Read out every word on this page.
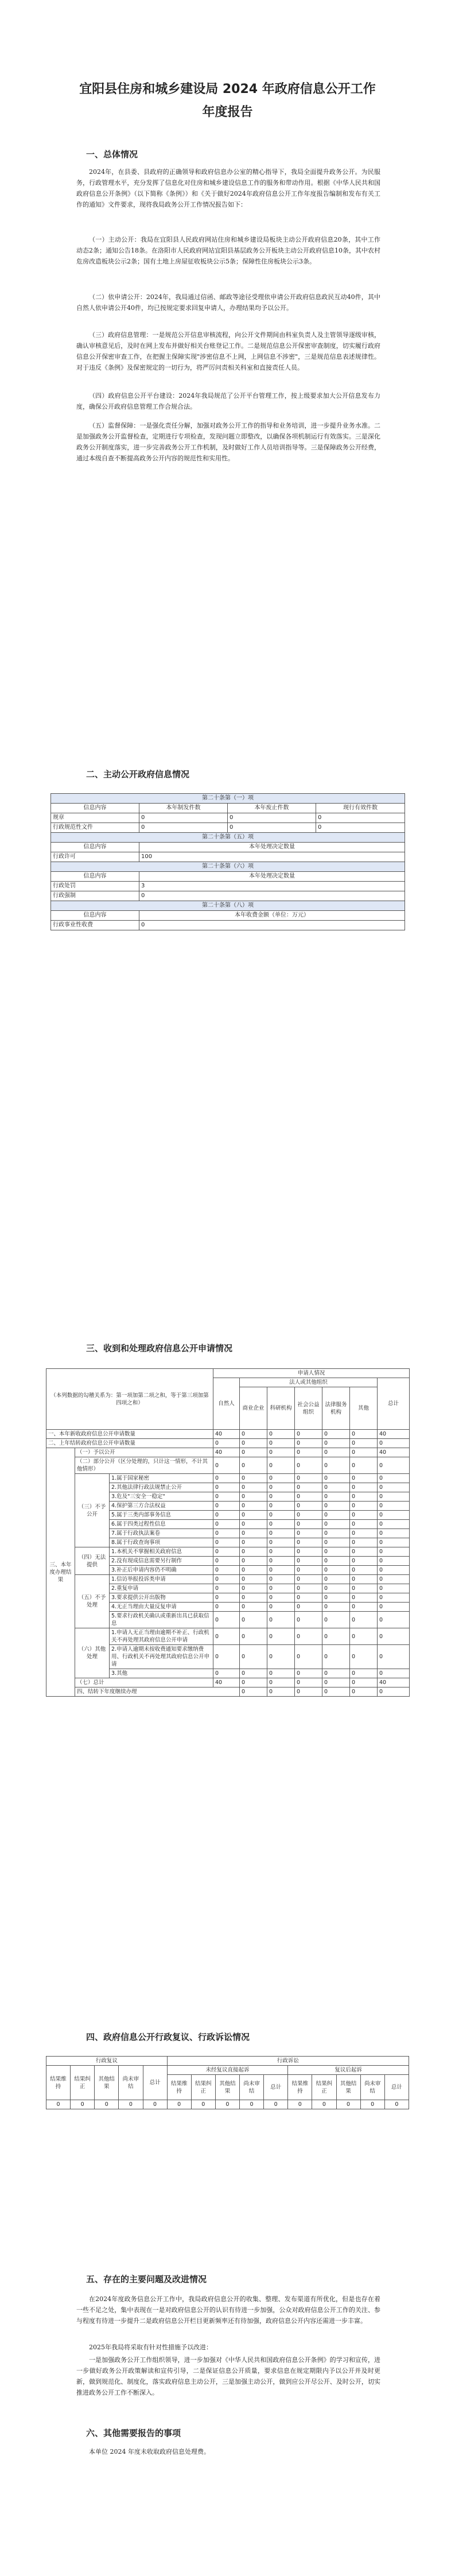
宜阳县住房和城乡建设局 2024 年政府信息公开工作
年度报告
一、总体情况

2024年，在县委、县政府的正确领导和政府信息办公室的精心指导下，我局全面提升政务公开。为民服务，行政管理水平，充分发挥了信息化对住房和城乡建设信息工作的服务和带动作用。根据《中华人民共和国政府信息公开条例》（以下简称《条例》）和《关于做好2024年政府信息公开工作年度报告编制和发布有关工作的通知》文件要求，现将我局政务公开工作情况报告如下：

（一）主动公开：我局在宜阳县人民政府网站住房和城乡建设局板块主动公开政府信息20条，其中工作动态2条；通知公告18条。在洛阳市人民政府网站宜阳县基层政务公开板块主动公开政府信息10条，其中农村危房改造板块公示2条；国有土地上房屋征收板块公示5条；保障性住房板块公示3条。

（二）依申请公开：2024年，我局通过信函、邮政等途径受理依申请公开政府信息政民互动40件，其中自然人依申请公开40件，均已按规定要求回复申请人，办理结果均予以公开。

（三）政府信息管理：一是规范公开信息审核流程，向公开文件期间由科室负责人及主管领导逐级审核，确认审核意见后，及时在网上发布并做好相关台账登记工作。二是规范信息公开保密审查制度，切实履行政府信息公开保密审查工作，在把握主保障实现"涉密信息不上网，上网信息不涉密"，三是规范信息表述规律性。对于违反《条例》及保密规定的一切行为，将严厉问责相关科室和直接责任人员。

（四）政府信息公开平台建设：2024年我局规范了公开平台管理工作，按上级要求加大公开信息发布力度，确保公开政府信息管理工作合规合法。

（五）监督保障：一是强化责任分解，加强对政务公开工作的指导和业务培训，进一步提升业务水准。二是加强政务公开监督检查，定期进行专项检查，发现问题立即整改，以确保各项机制运行有效落实。三是深化政务公开制度落实，进一步完善政务公开工作机制，及时做好工作人员培训指导等。三是保障政务公开经费，通过本级自查不断提高政务公开内容的规范性和实用性。

二、主动公开政府信息情况
第二十条第（一）项			
信息内容	本年制发件数	本年废止件数	现行有效件数
规章	0	0	0
行政规范性文件	0	0	0
第二十条第（五）项			
信息内容	本年处理决定数量		
行政许可	100		
第二十条第（六）项			
信息内容	本年处理决定数量		
行政处罚	3		
行政强制	0		
第二十条第（八）项			
信息内容	本年收费金额（单位：万元）		
行政事业性收费	0		
三、收到和处理政府信息公开申请情况
（本列数据的勾稽关系为：第一项加第二项之和，等于第三项加第四项之和）			申请人情况							
			自然人	法人或其他组织					总计	
				商业企业	科研机构	社会公益组织	法律服务机构	其他		
一、本年新收政府信息公开申请数量			40	0	0	0	0	0	40	
二、上年结转政府信息公开申请数量			0	0	0	0	0	0	0	
三、本年度办理结果	（一）予以公开		40	0	0	0	0	0	40	
	（二）部分公开（区分处理的，只计这一情形，不计其他情形）		0	0	0	0	0	0	0	
	（三）不予公开	1.属于国家秘密	0	0	0	0	0	0	0	
		2.其他法律行政法规禁止公开	0	0	0	0	0	0	0	
		3.危及"三安全一稳定"	0	0	0	0	0	0	0	
		4.保护第三方合法权益	0	0	0	0	0	0	0	
		5.属于三类内部事务信息	0	0	0	0	0	0	0	
		6.属于四类过程性信息	0	0	0	0	0	0	0	
		7.属于行政执法案卷	0	0	0	0	0	0	0	
		8.属于行政查询事项	0	0	0	0	0	0	0	
	（四）无法提供	1.本机关不掌握相关政府信息	0	0	0	0	0	0	0	
		2.没有现成信息需要另行制作	0	0	0	0	0	0	0	
		3.补正后申请内容仍不明确	0	0	0	0	0	0	0	
	（五）不予处理	1.信访举报投诉类申请	0	0	0	0	0	0	0	
		2.重复申请	0	0	0	0	0	0	0	
		3.要求提供公开出版物	0	0	0	0	0	0	0	
		4.无正当理由大量反复申请	0	0	0	0	0	0	0	
		5.要求行政机关确认或重新出具已获取信息	0	0	0	0	0	0	0	
	（六）其他处理	1.申请人无正当理由逾期不补正、行政机关不再处理其政府信息公开申请	0	0	0	0	0	0	0	
		2.申请人逾期未按收费通知要求缴纳费用、行政机关不再处理其政府信息公开申请	0	0	0	0	0	0	0	
		3.其他	0	0	0	0	0	0	0	
	（七）总计		40	0	0	0	0	0	40	
	四、结转下年度继续办理			0	0	0	0	0	0	
四、政府信息公开行政复议、行政诉讼情况
行政复议					行政诉讼									
结果维持	结果纠正	其他结果	尚未审结	总计	未经复议直接起诉					复议后起诉				
					结果维持	结果纠正	其他结果	尚未审结	总计	结果维持	结果纠正	其他结果	尚未审结	总计
0	0	0	0	0	0	0	0	0	0	0	0	0	0	0
五、存在的主要问题及改进情况

在2024年度政务信息公开工作中，我局政府信息公开的收集、整理、发布渠道有所优化，但是也存在着一些不足之处，集中表现在一是对政府信息公开的认识有待进一步加强，公众对政府信息公开工作的关注、参与程度有待进一步提升二是政府信息公开栏目更新频率还有待加强，政府信息公开内容还需进一步丰富。

2025年我局将采取有针对性措施予以改进：

一是加强政务公开工作组织领导，进一步加强对《中华人民共和国政府信息公开条例》的学习和宣传，进一步做好政务公开政策解读和宣传引导，二是保证信息公开质量，要求信息在规定期限内予以公开并及时更新，做到规范化、制度化，落实政府信息主动公开，三是加强主动公开，做到应公开尽公开、及时公开，切实推进政务公开工作不断深入。

六、其他需要报告的事项

本单位 2024 年度未收取政府信息处理费。
